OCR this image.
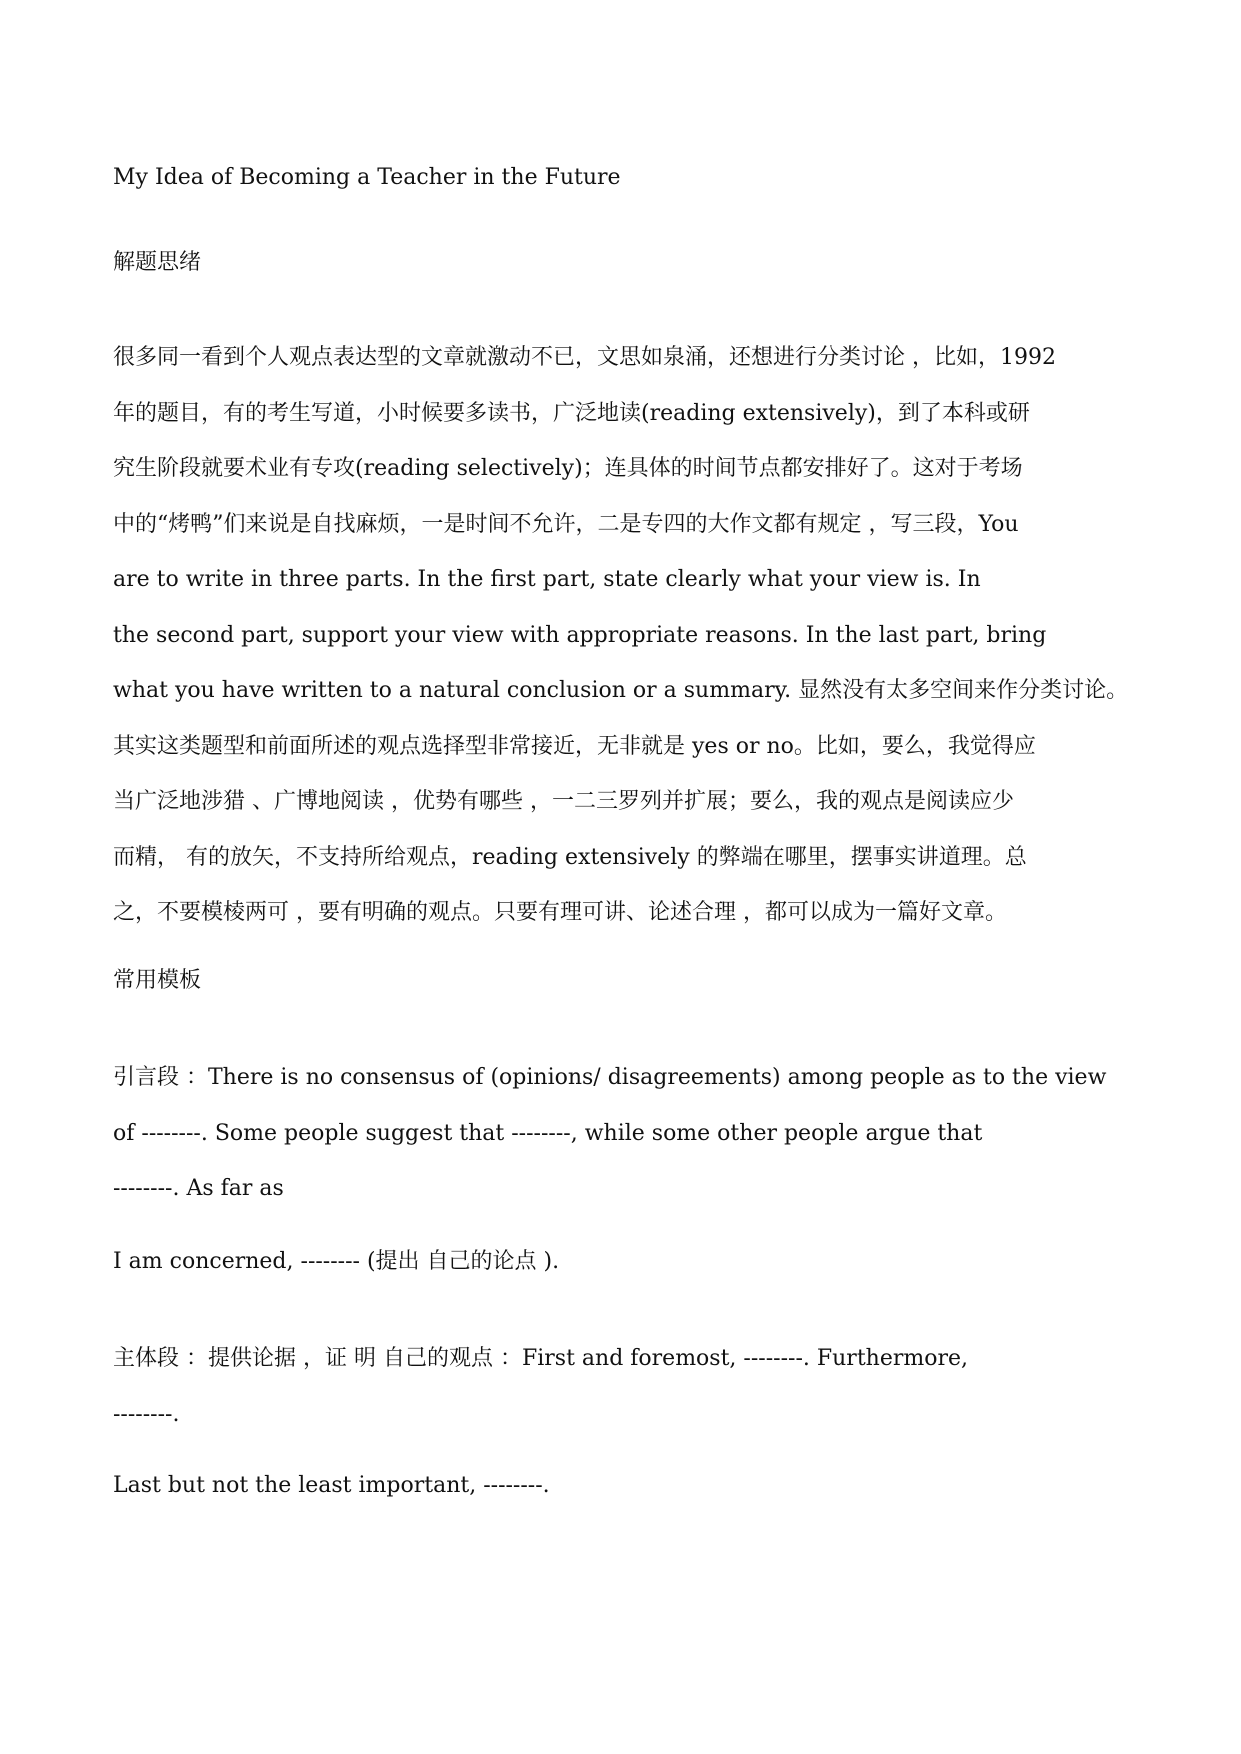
My Idea of Becoming a Teacher in the Future

解题思绪

很多同一看到个人观点表达型的文章就激动不已，文思如泉涌，还想进行分类讨论 ，比如，1992
年的题目，有的考生写道，小时候要多读书，广泛地读(reading extensively)，到了本科或研
究生阶段就要术业有专攻(reading selectively)；连具体的时间节点都安排好了。这对于考场
中的“烤鸭”们来说是自找麻烦，一是时间不允许，二是专四的大作文都有规定 ，写三段，You
are to write in three parts. In the first part, state clearly what your view is. In
the second part, support your view with appropriate reasons. In the last part, bring
what you have written to a natural conclusion or a summary. 显然没有太多空间来作分类讨论。
其实这类题型和前面所述的观点选择型非常接近，无非就是 yes or no。比如，要么，我觉得应
当广泛地涉猎 、广博地阅读 ，优势有哪些 ，一二三罗列并扩展；要么，我的观点是阅读应少
而精， 有的放矢，不支持所给观点，reading extensively 的弊端在哪里，摆事实讲道理。总
之，不要模棱两可 ，要有明确的观点。只要有理可讲、论述合理 ，都可以成为一篇好文章。

常用模板

引言段 ：There is no consensus of (opinions/ disagreements) among people as to the view
of --------. Some people suggest that --------, while some other people argue that
--------. As far as

I am concerned, -------- (提出 自己的论点 ).

主体段 ：提供论据 ，证 明 自己的观点 ：First and foremost, --------. Furthermore,
--------.

Last but not the least important, --------.
